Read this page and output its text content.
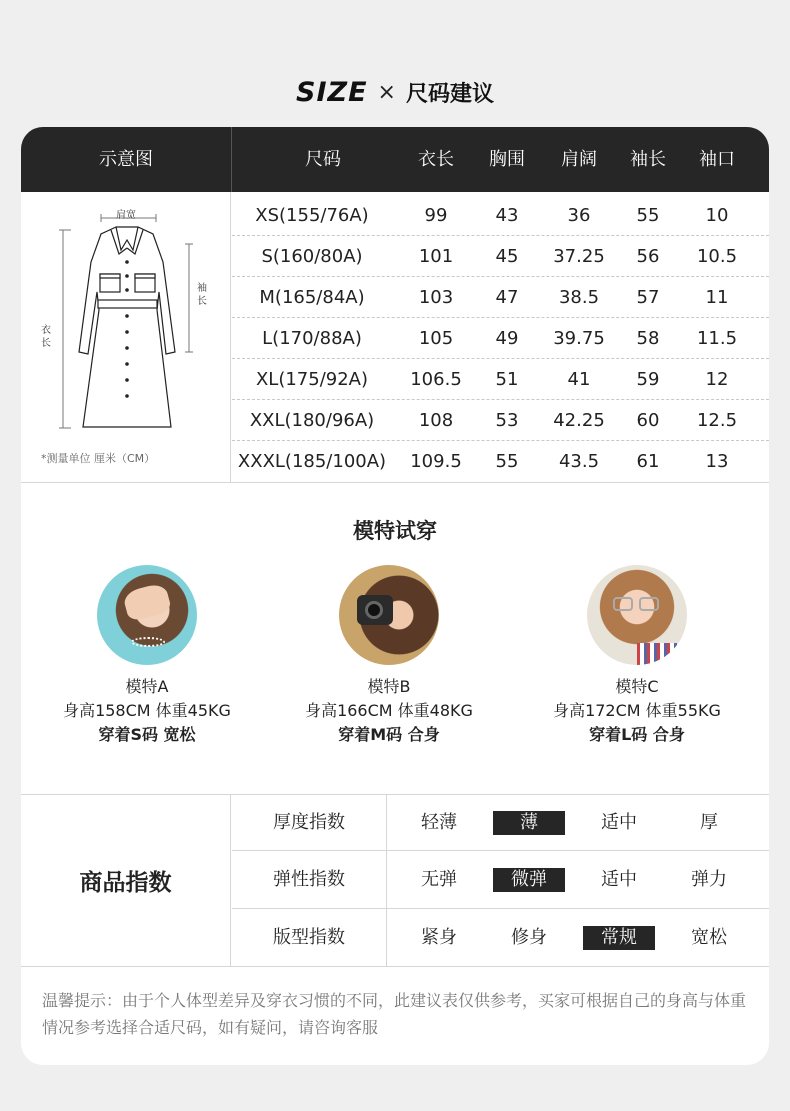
SIZE × 尺码建议
示意图	尺码	衣长	胸围	肩阔	袖长	袖口
肩宽
袖长
衣长
*测量单位 厘米（CM）
XS(155/76A)	99	43	36	55	10
S(160/80A)	101	45	37.25	56	10.5
M(165/84A)	103	47	38.5	57	11
L(170/88A)	105	49	39.75	58	11.5
XL(175/92A)	106.5	51	41	59	12
XXL(180/96A)	108	53	42.25	60	12.5
XXXL(185/100A)	109.5	55	43.5	61	13
模特试穿
模特A
身高158CM 体重45KG
穿着S码 宽松
模特B
身高166CM 体重48KG
穿着M码 合身
模特C
身高172CM 体重55KG
穿着L码 合身
商品指数
厚度指数	轻薄	薄	适中	厚
弹性指数	无弹	微弹	适中	弹力
版型指数	紧身	修身	常规	宽松
温馨提示：由于个人体型差异及穿衣习惯的不同，此建议表仅供参考，买家可根据自己的身高与体重情况参考选择合适尺码，如有疑问，请咨询客服
